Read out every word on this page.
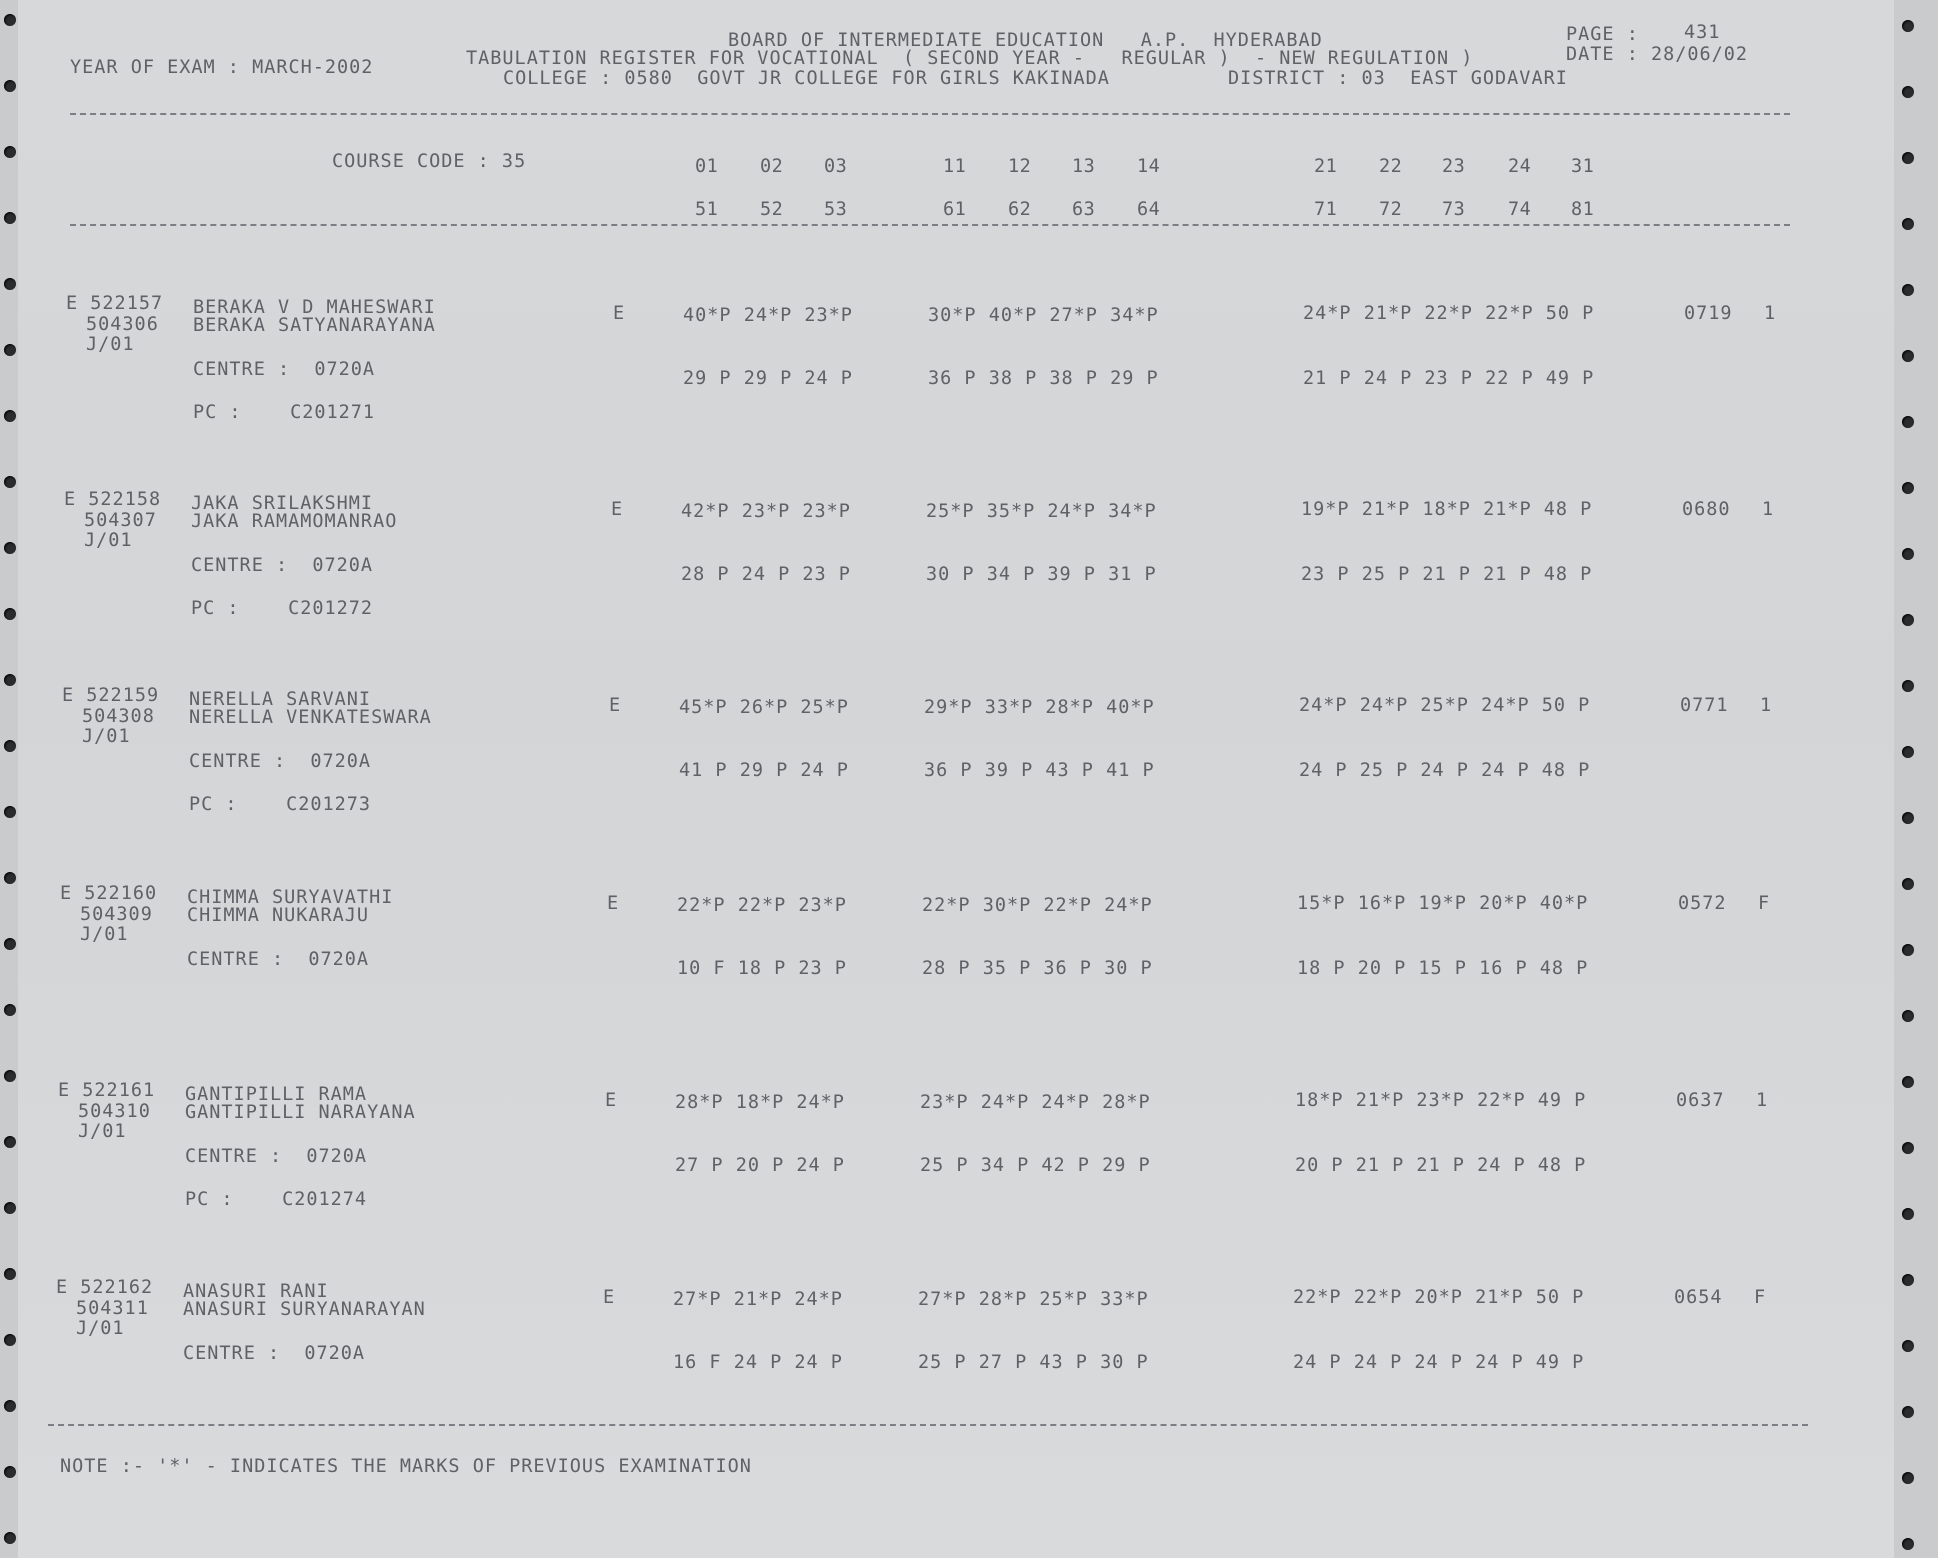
BOARD OF INTERMEDIATE EDUCATION   A.P.  HYDERABAD	PAGE : 431
YEAR OF EXAM : MARCH-2002	TABULATION REGISTER FOR VOCATIONAL  ( SECOND YEAR -   REGULAR )  - NEW REGULATION )	DATE : 28/06/02
COLLEGE : 0580  GOVT JR COLLEGE FOR GIRLS KAKINADA	DISTRICT : 03  EAST GODAVARI
COURSE CODE : 35	01 02 03	11 12 13 14	21 22 23 24 31
51 52 53	61 62 63 64	71 72 73 74 81
E 522157 BERAKA V D MAHESWARI
504306 BERAKA SATYANARAYANA
J/01
E	40*P 24*P 23*P	30*P 40*P 27*P 34*P	24*P 21*P 22*P 22*P 50 P	0719 1
CENTRE :  0720A	29 P 29 P 24 P	36 P 38 P 38 P 29 P	21 P 24 P 23 P 22 P 49 P
PC :    C201271
E 522158 JAKA SRILAKSHMI
504307 JAKA RAMAMOMANRAO
J/01
E	42*P 23*P 23*P	25*P 35*P 24*P 34*P	19*P 21*P 18*P 21*P 48 P	0680 1
CENTRE :  0720A	28 P 24 P 23 P	30 P 34 P 39 P 31 P	23 P 25 P 21 P 21 P 48 P
PC :    C201272
E 522159 NERELLA SARVANI
504308 NERELLA VENKATESWARA
J/01
E	45*P 26*P 25*P	29*P 33*P 28*P 40*P	24*P 24*P 25*P 24*P 50 P	0771 1
CENTRE :  0720A	41 P 29 P 24 P	36 P 39 P 43 P 41 P	24 P 25 P 24 P 24 P 48 P
PC :    C201273
E 522160 CHIMMA SURYAVATHI
504309 CHIMMA NUKARAJU
J/01
E	22*P 22*P 23*P	22*P 30*P 22*P 24*P	15*P 16*P 19*P 20*P 40*P	0572 F
CENTRE :  0720A	10 F 18 P 23 P	28 P 35 P 36 P 30 P	18 P 20 P 15 P 16 P 48 P
E 522161 GANTIPILLI RAMA
504310 GANTIPILLI NARAYANA
J/01
E	28*P 18*P 24*P	23*P 24*P 24*P 28*P	18*P 21*P 23*P 22*P 49 P	0637 1
CENTRE :  0720A	27 P 20 P 24 P	25 P 34 P 42 P 29 P	20 P 21 P 21 P 24 P 48 P
PC :    C201274
E 522162 ANASURI RANI
504311 ANASURI SURYANARAYAN
J/01
E	27*P 21*P 24*P	27*P 28*P 25*P 33*P	22*P 22*P 20*P 21*P 50 P	0654 F
CENTRE :  0720A	16 F 24 P 24 P	25 P 27 P 43 P 30 P	24 P 24 P 24 P 24 P 49 P
NOTE :- '*' - INDICATES THE MARKS OF PREVIOUS EXAMINATION
